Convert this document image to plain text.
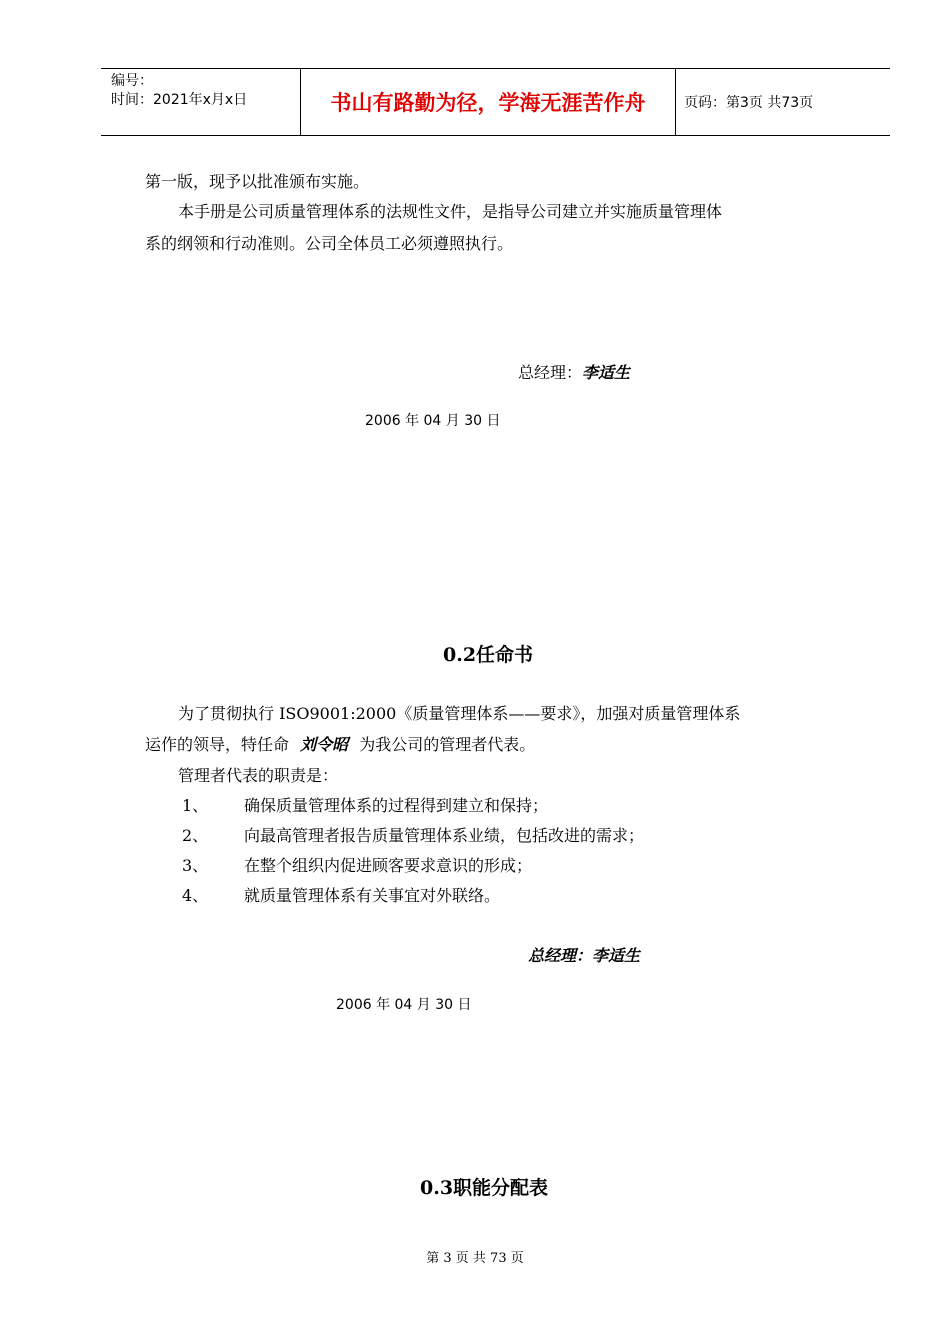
编号：
时间：2021年x月x日	书山有路勤为径，学海无涯苦作舟	页码：第3页 共73页
第一版，现予以批准颁布实施。
本手册是公司质量管理体系的法规性文件，是指导公司建立并实施质量管理体
系的纲领和行动准则。公司全体员工必须遵照执行。
总经理：李适生
2006 年 04 月 30 日
0.2任命书
为了贯彻执行 ISO9001:2000《质量管理体系——要求》，加强对质量管理体系
运作的领导，特任命 刘令昭 为我公司的管理者代表。
管理者代表的职责是：
1、 确保质量管理体系的过程得到建立和保持；
2、 向最高管理者报告质量管理体系业绩，包括改进的需求；
3、 在整个组织内促进顾客要求意识的形成；
4、 就质量管理体系有关事宜对外联络。
总经理：李适生
2006 年 04 月 30 日
0.3职能分配表
第 3 页 共 73 页
